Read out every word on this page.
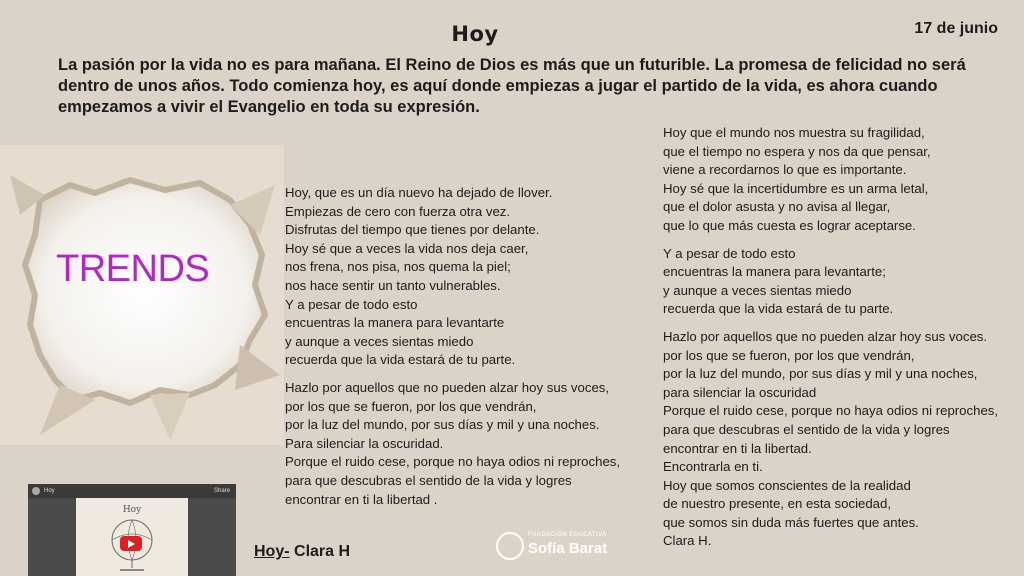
Hoy	17 de junio
La pasión por la vida no es para mañana. El Reino de Dios es más que un futurible. La promesa de felicidad no será dentro de unos años. Todo comienza hoy, es aquí donde empiezas a jugar el partido de la vida, es ahora cuando empezamos a vivir el Evangelio en toda su expresión.
TRENDS

Hoy, que es un día nuevo ha dejado de llover.
Empiezas de cero con fuerza otra vez.
Disfrutas del tiempo que tienes por delante.
Hoy sé que a veces la vida nos deja caer,
nos frena, nos pisa, nos quema la piel;
nos hace sentir un tanto vulnerables.
Y a pesar de todo esto
encuentras la manera para levantarte
y aunque a veces sientas miedo
recuerda que la vida estará de tu parte.

Hazlo por aquellos que no pueden alzar hoy sus voces,
por los que se fueron, por los que vendrán,
por la luz del mundo, por sus días y mil y una noches.
Para silenciar la oscuridad.
Porque el ruido cese, porque no haya odios ni reproches,
para que descubras el sentido de la vida y logres
encontrar en ti la libertad .

Hoy que el mundo nos muestra su fragilidad,
que el tiempo no espera y nos da que pensar,
viene a recordarnos lo que es importante.
Hoy sé que la incertidumbre es un arma letal,
que el dolor asusta y no avisa al llegar,
que lo que más cuesta es lograr aceptarse.

Y a pesar de todo esto
encuentras la manera para levantarte;
y aunque a veces sientas miedo
recuerda que la vida estará de tu parte.

Hazlo por aquellos que no pueden alzar hoy sus voces.
por los que se fueron, por los que vendrán,
por la luz del mundo, por sus días y mil y una noches,
para silenciar la oscuridad
Porque el ruido cese, porque no haya odios ni reproches,
para que descubras el sentido de la vida y logres
encontrar en ti la libertad.
Encontrarla en ti.
Hoy que somos conscientes de la realidad
de nuestro presente, en esta sociedad,
que somos sin duda más fuertes que antes.
Clara H.

Hoy	Share
Hoy
Hoy- Clara H
FUNDACIÓN EDUCATIVA
Sofía Barat
